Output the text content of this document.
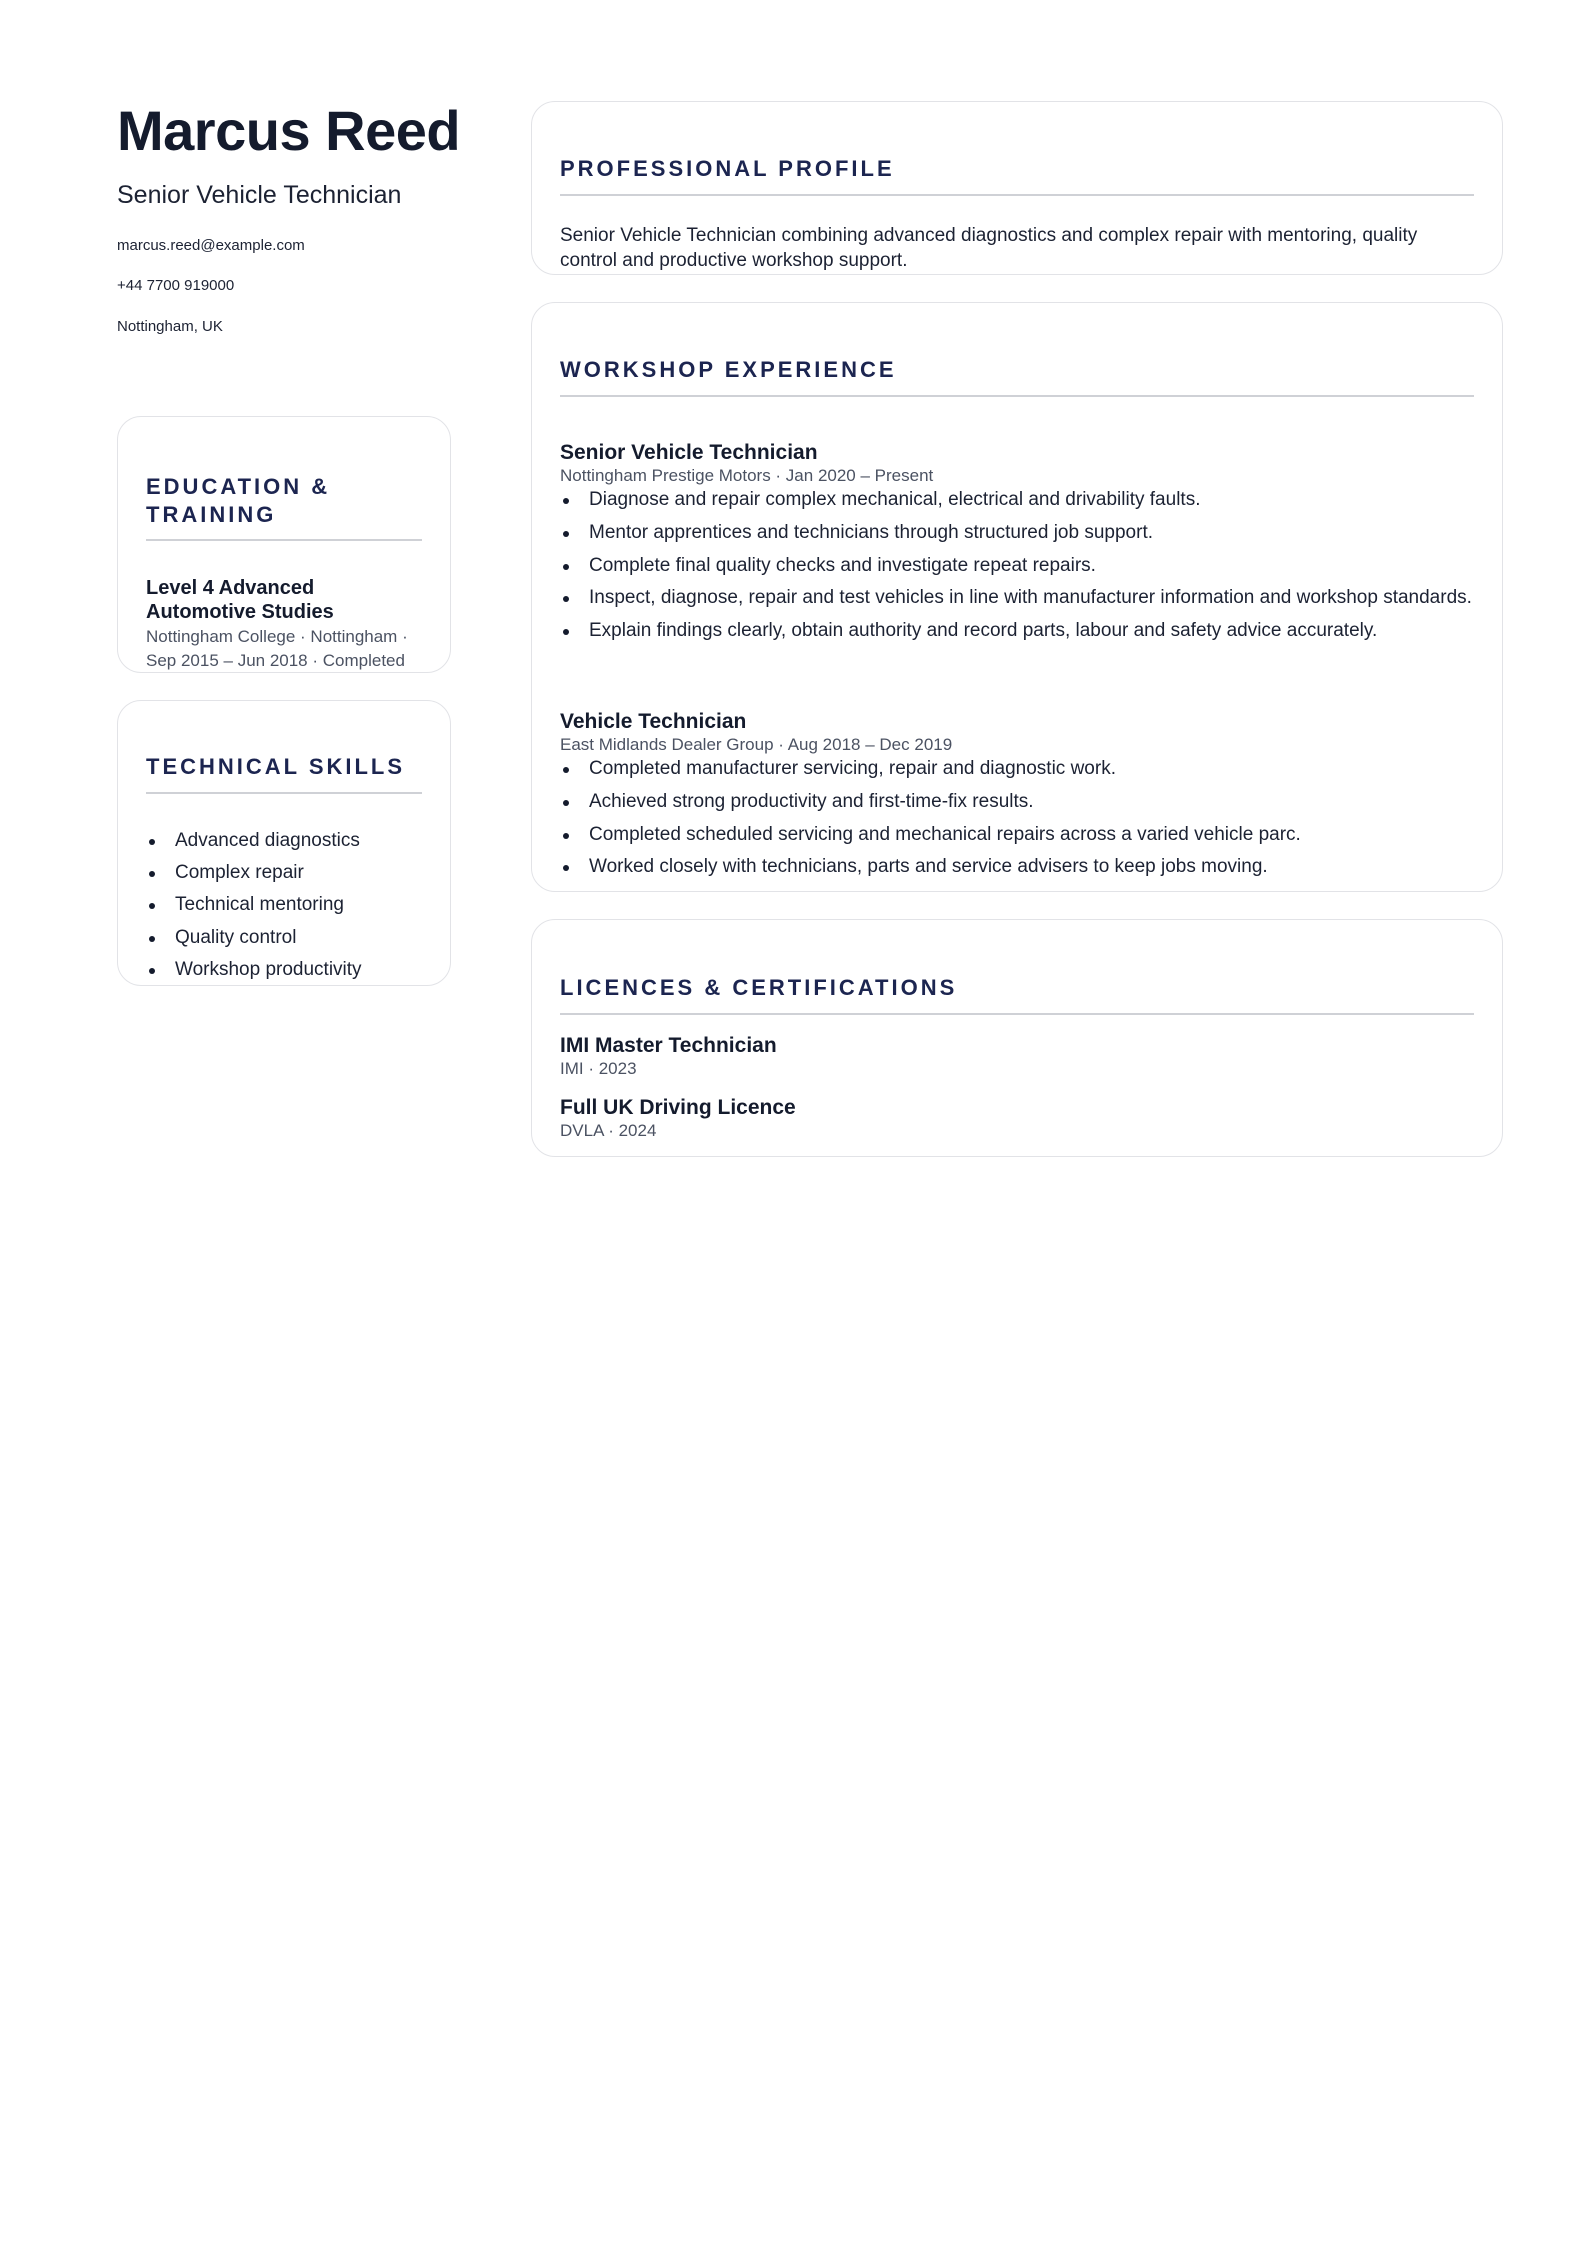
Marcus Reed
Senior Vehicle Technician
marcus.reed@example.com
+44 7700 919000
Nottingham, UK
EDUCATION & TRAINING
Level 4 Advanced Automotive Studies
Nottingham College · Nottingham · Sep 2015 – Jun 2018 · Completed
TECHNICAL SKILLS
Advanced diagnostics
Complex repair
Technical mentoring
Quality control
Workshop productivity
PROFESSIONAL PROFILE
Senior Vehicle Technician combining advanced diagnostics and complex repair with mentoring, quality control and productive workshop support.
WORKSHOP EXPERIENCE
Senior Vehicle Technician
Nottingham Prestige Motors · Jan 2020 – Present
Diagnose and repair complex mechanical, electrical and drivability faults.
Mentor apprentices and technicians through structured job support.
Complete final quality checks and investigate repeat repairs.
Inspect, diagnose, repair and test vehicles in line with manufacturer information and workshop standards.
Explain findings clearly, obtain authority and record parts, labour and safety advice accurately.
Vehicle Technician
East Midlands Dealer Group · Aug 2018 – Dec 2019
Completed manufacturer servicing, repair and diagnostic work.
Achieved strong productivity and first-time-fix results.
Completed scheduled servicing and mechanical repairs across a varied vehicle parc.
Worked closely with technicians, parts and service advisers to keep jobs moving.
LICENCES & CERTIFICATIONS
IMI Master Technician
IMI · 2023
Full UK Driving Licence
DVLA · 2024
